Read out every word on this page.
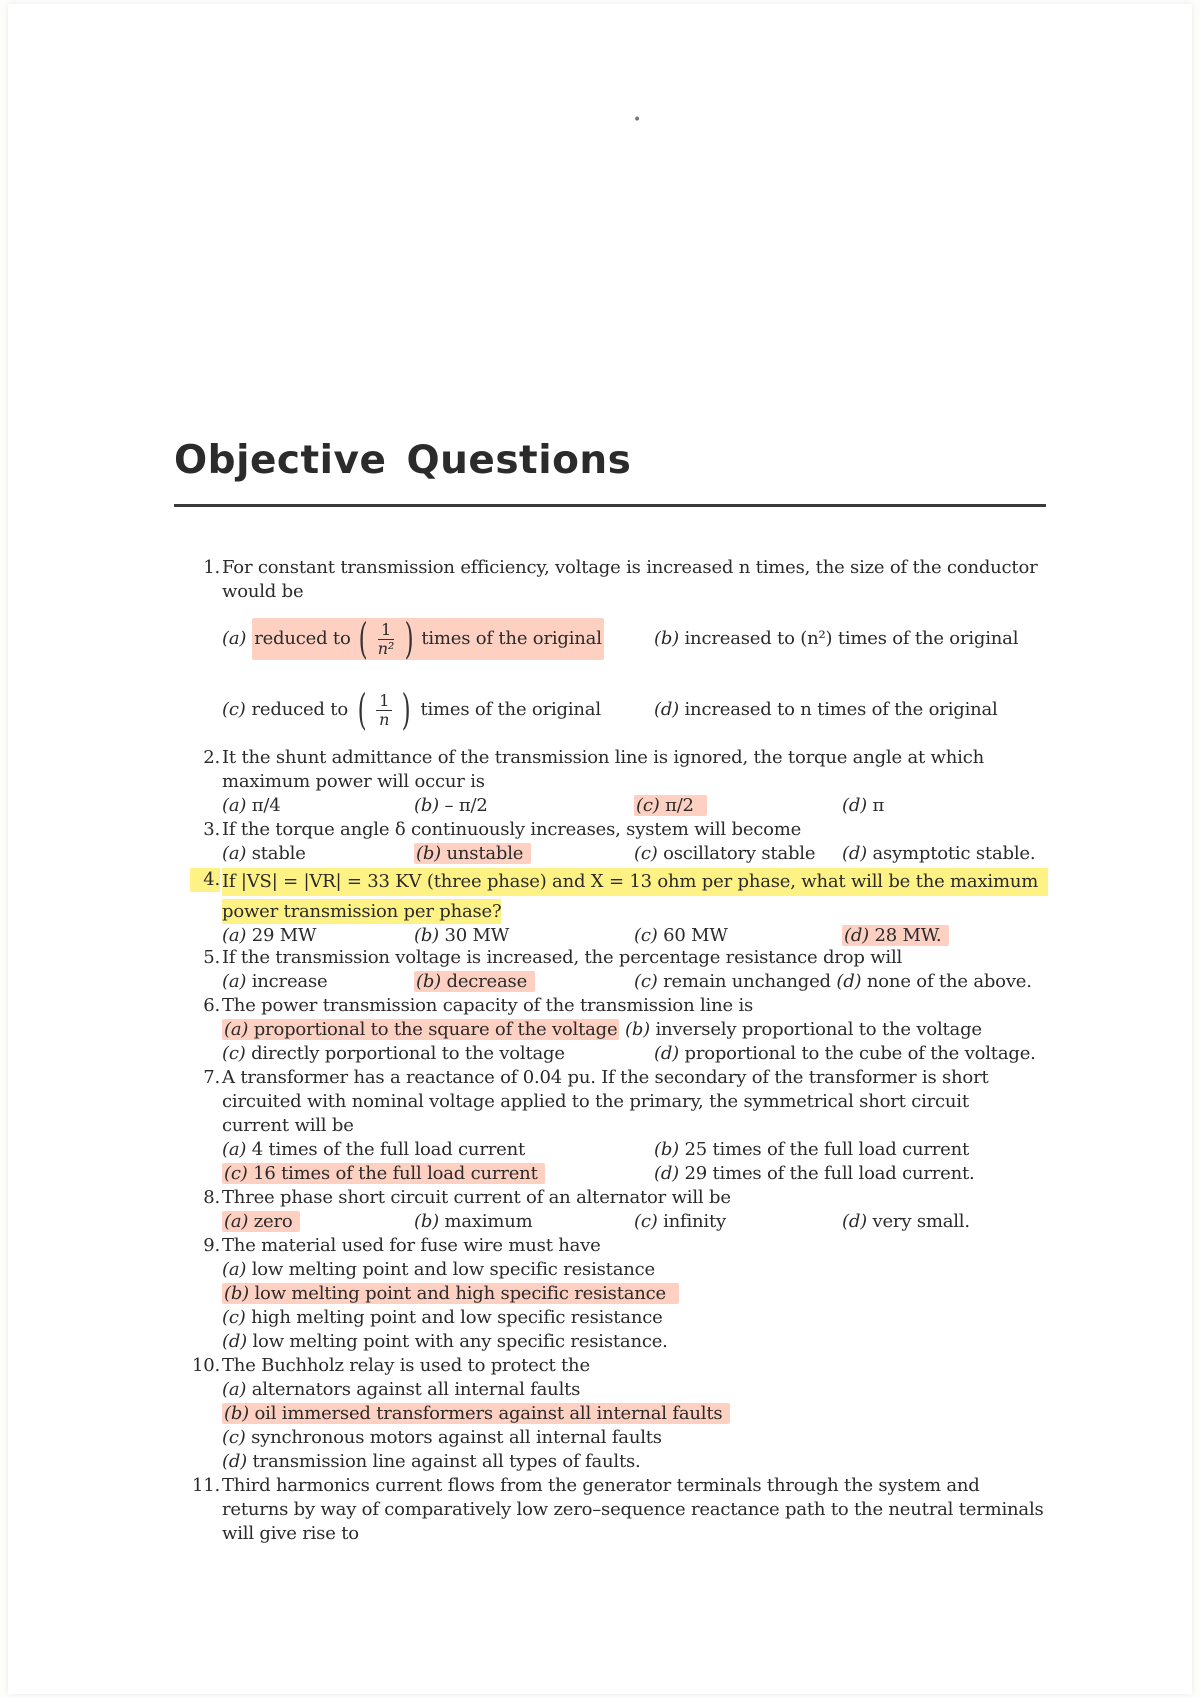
•
Objective Questions
1. For constant transmission efficiency, voltage is increased n times, the size of the conductor
would be
(a) reduced to ( $\frac{1}{\text{n²}}$ ) times of the original	(b) increased to (n²) times of the original
(c) reduced to ( $\frac{1}{n}$ ) times of the original	(d) increased to n times of the original
2. It the shunt admittance of the transmission line is ignored, the torque angle at which
maximum power will occur is
(a) π/4	(b) – π/2	(c) π/2	(d) π
3. If the torque angle δ continuously increases, system will become
(a) stable	(b) unstable	(c) oscillatory stable	(d) asymptotic stable.
4. If |VS| = |VR| = 33 KV (three phase) and X = 13 ohm per phase, what will be the maximum
power transmission per phase?
(a) 29 MW	(b) 30 MW	(c) 60 MW	(d) 28 MW.
5. If the transmission voltage is increased, the percentage resistance drop will
(a) increase	(b) decrease	(c) remain unchanged (d) none of the above.
6. The power transmission capacity of the transmission line is
(a) proportional to the square of the voltage (b) inversely proportional to the voltage
(c) directly porportional to the voltage	(d) proportional to the cube of the voltage.
7. A transformer has a reactance of 0.04 pu. If the secondary of the transformer is short
circuited with nominal voltage applied to the primary, the symmetrical short circuit
current will be
(a) 4 times of the full load current	(b) 25 times of the full load current
(c) 16 times of the full load current	(d) 29 times of the full load current.
8. Three phase short circuit current of an alternator will be
(a) zero	(b) maximum	(c) infinity	(d) very small.
9. The material used for fuse wire must have
(a) low melting point and low specific resistance
(b) low melting point and high specific resistance
(c) high melting point and low specific resistance
(d) low melting point with any specific resistance.
10. The Buchholz relay is used to protect the
(a) alternators against all internal faults
(b) oil immersed transformers against all internal faults
(c) synchronous motors against all internal faults
(d) transmission line against all types of faults.
11. Third harmonics current flows from the generator terminals through the system and
returns by way of comparatively low zero–sequence reactance path to the neutral terminals
will give rise to
